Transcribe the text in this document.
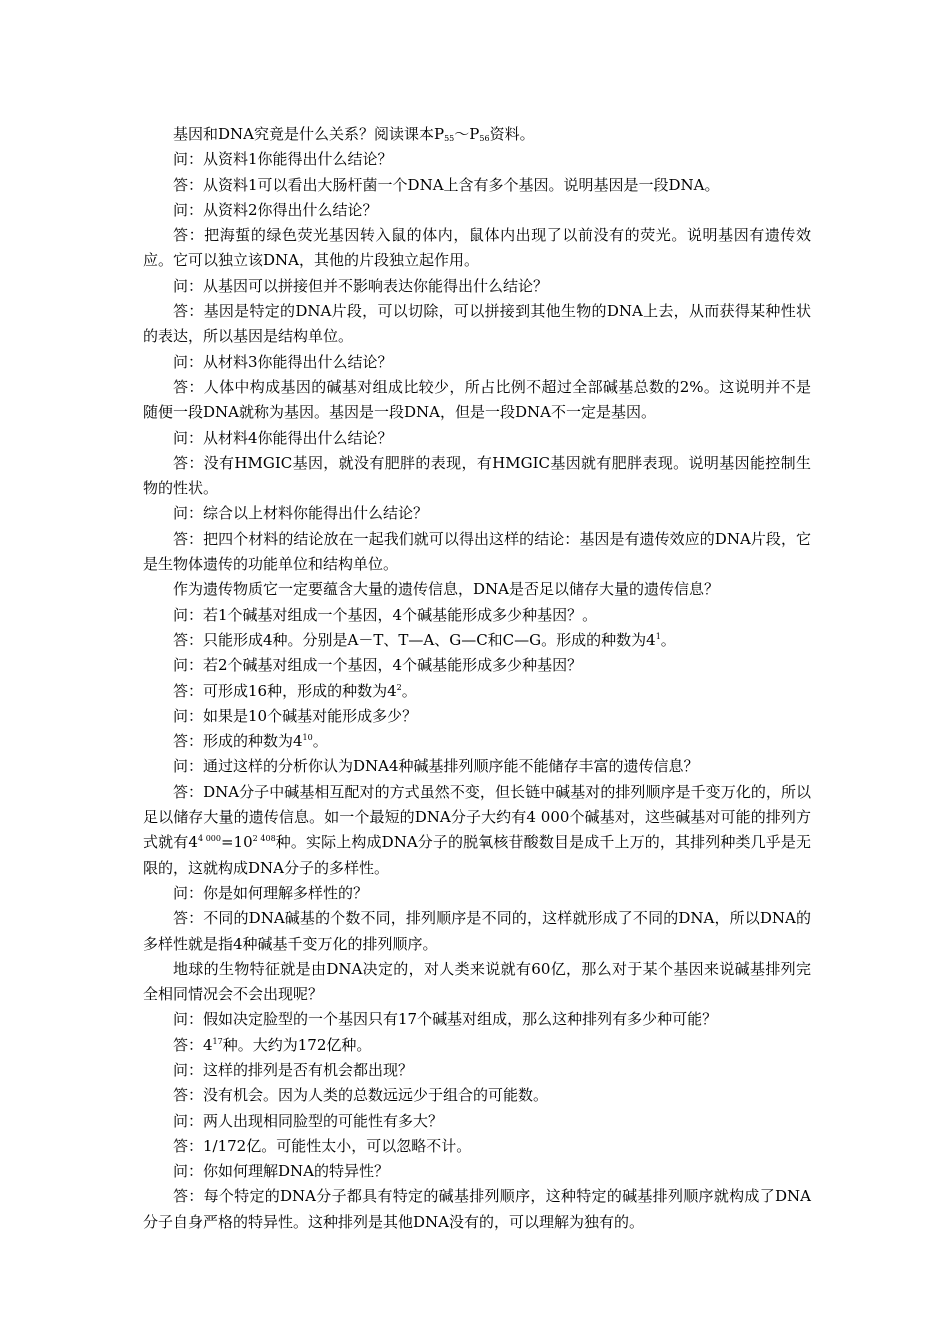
基因和DNA究竟是什么关系？阅读课本$P_{55}\sim P_{56}$资料。

问：从资料1你能得出什么结论？

答：从资料1可以看出大肠杆菌一个DNA上含有多个基因。说明基因是一段DNA。

问：从资料2你得出什么结论？

答：把海蜇的绿色荧光基因转入鼠的体内，鼠体内出现了以前没有的荧光。说明基因有遗传效应。它可以独立该DNA，其他的片段独立起作用。

问：从基因可以拼接但并不影响表达你能得出什么结论？

答：基因是特定的DNA片段，可以切除，可以拼接到其他生物的DNA上去，从而获得某种性状的表达，所以基因是结构单位。

问：从材料3你能得出什么结论？

答：人体中构成基因的碱基对组成比较少，所占比例不超过全部碱基总数的2%。这说明并不是随便一段DNA就称为基因。基因是一段DNA，但是一段DNA不一定是基因。

问：从材料4你能得出什么结论？

答：没有HMGIC基因，就没有肥胖的表现，有HMGIC基因就有肥胖表现。说明基因能控制生物的性状。

问：综合以上材料你能得出什么结论？

答：把四个材料的结论放在一起我们就可以得出这样的结论：基因是有遗传效应的DNA片段，它是生物体遗传的功能单位和结构单位。

作为遗传物质它一定要蕴含大量的遗传信息，DNA是否足以储存大量的遗传信息？

问：若1个碱基对组成一个基因，4个碱基能形成多少种基因？。

答：只能形成4种。分别是A－T、T—A、G—C和C—G。形成的种数为$4^1$。

问：若2个碱基对组成一个基因，4个碱基能形成多少种基因？

答：可形成16种，形成的种数为$4^2$。

问：如果是10个碱基对能形成多少？

答：形成的种数为$4^{10}$。

问：通过这样的分析你认为DNA4种碱基排列顺序能不能储存丰富的遗传信息？

答：DNA分子中碱基相互配对的方式虽然不变，但长链中碱基对的排列顺序是千变万化的，所以足以储存大量的遗传信息。如一个最短的DNA分子大约有4 000个碱基对，这些碱基对可能的排列方式就有$4^{4 000}=10^{2 408}$种。实际上构成DNA分子的脱氧核苷酸数目是成千上万的，其排列种类几乎是无限的，这就构成DNA分子的多样性。

问：你是如何理解多样性的？

答：不同的DNA碱基的个数不同，排列顺序是不同的，这样就形成了不同的DNA，所以DNA的多样性就是指4种碱基千变万化的排列顺序。

地球的生物特征就是由DNA决定的，对人类来说就有60亿，那么对于某个基因来说碱基排列完全相同情况会不会出现呢？

问：假如决定脸型的一个基因只有17个碱基对组成，那么这种排列有多少种可能？

答：$4^{17}$种。大约为172亿种。

问：这样的排列是否有机会都出现？

答：没有机会。因为人类的总数远远少于组合的可能数。

问：两人出现相同脸型的可能性有多大？

答：1/172亿。可能性太小，可以忽略不计。

问：你如何理解DNA的特异性？

答：每个特定的DNA分子都具有特定的碱基排列顺序，这种特定的碱基排列顺序就构成了DNA分子自身严格的特异性。这种排列是其他DNA没有的，可以理解为独有的。
